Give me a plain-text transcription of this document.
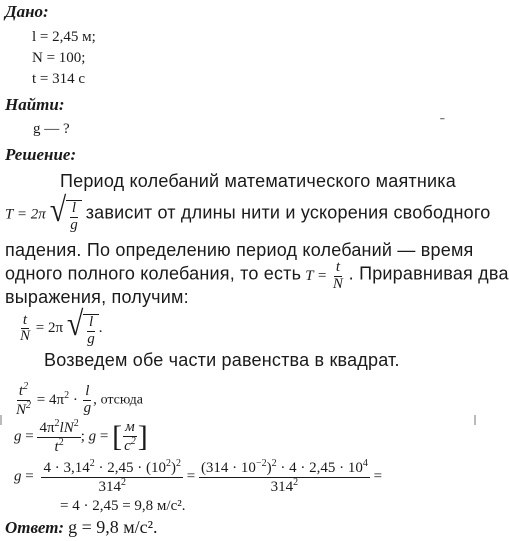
Дано:
l = 2,45 м;
N = 100;
t = 314 с
Найти:
g — ?	ˉ
Решение:
Период колебаний математического маятника
T = 2π √ $\frac{l}{g}$ зависит от длины нити и ускорения свободного
падения. По определению период колебаний — время
одного полного колебания, то есть $T = \frac{t}{N}$ . Приравнивая два
выражения, получим:
$\frac{t}{N} = 2\pi$ √ $\frac{l}{g}$ .
Возведем обе части равенства в квадрат.
$\frac{t^2}{N^2} = 4\pi^2 \cdot \frac{l}{g}$ , отсюда
$g = \frac{4\pi^2lN^2}{t^2}$ ; g = [ $\frac{м}{с^2}$ ]
$g = \frac{4 \cdot 3,14^2 \cdot 2,45 \cdot (10^2)^2}{314^2} = \frac{(314 \cdot 10^{-2})^2 \cdot 4 \cdot 2,45 \cdot 10^4}{314^2}$ =
= 4 · 2,45 = 9,8 м/с².
Ответ: g = 9,8 м/с².
